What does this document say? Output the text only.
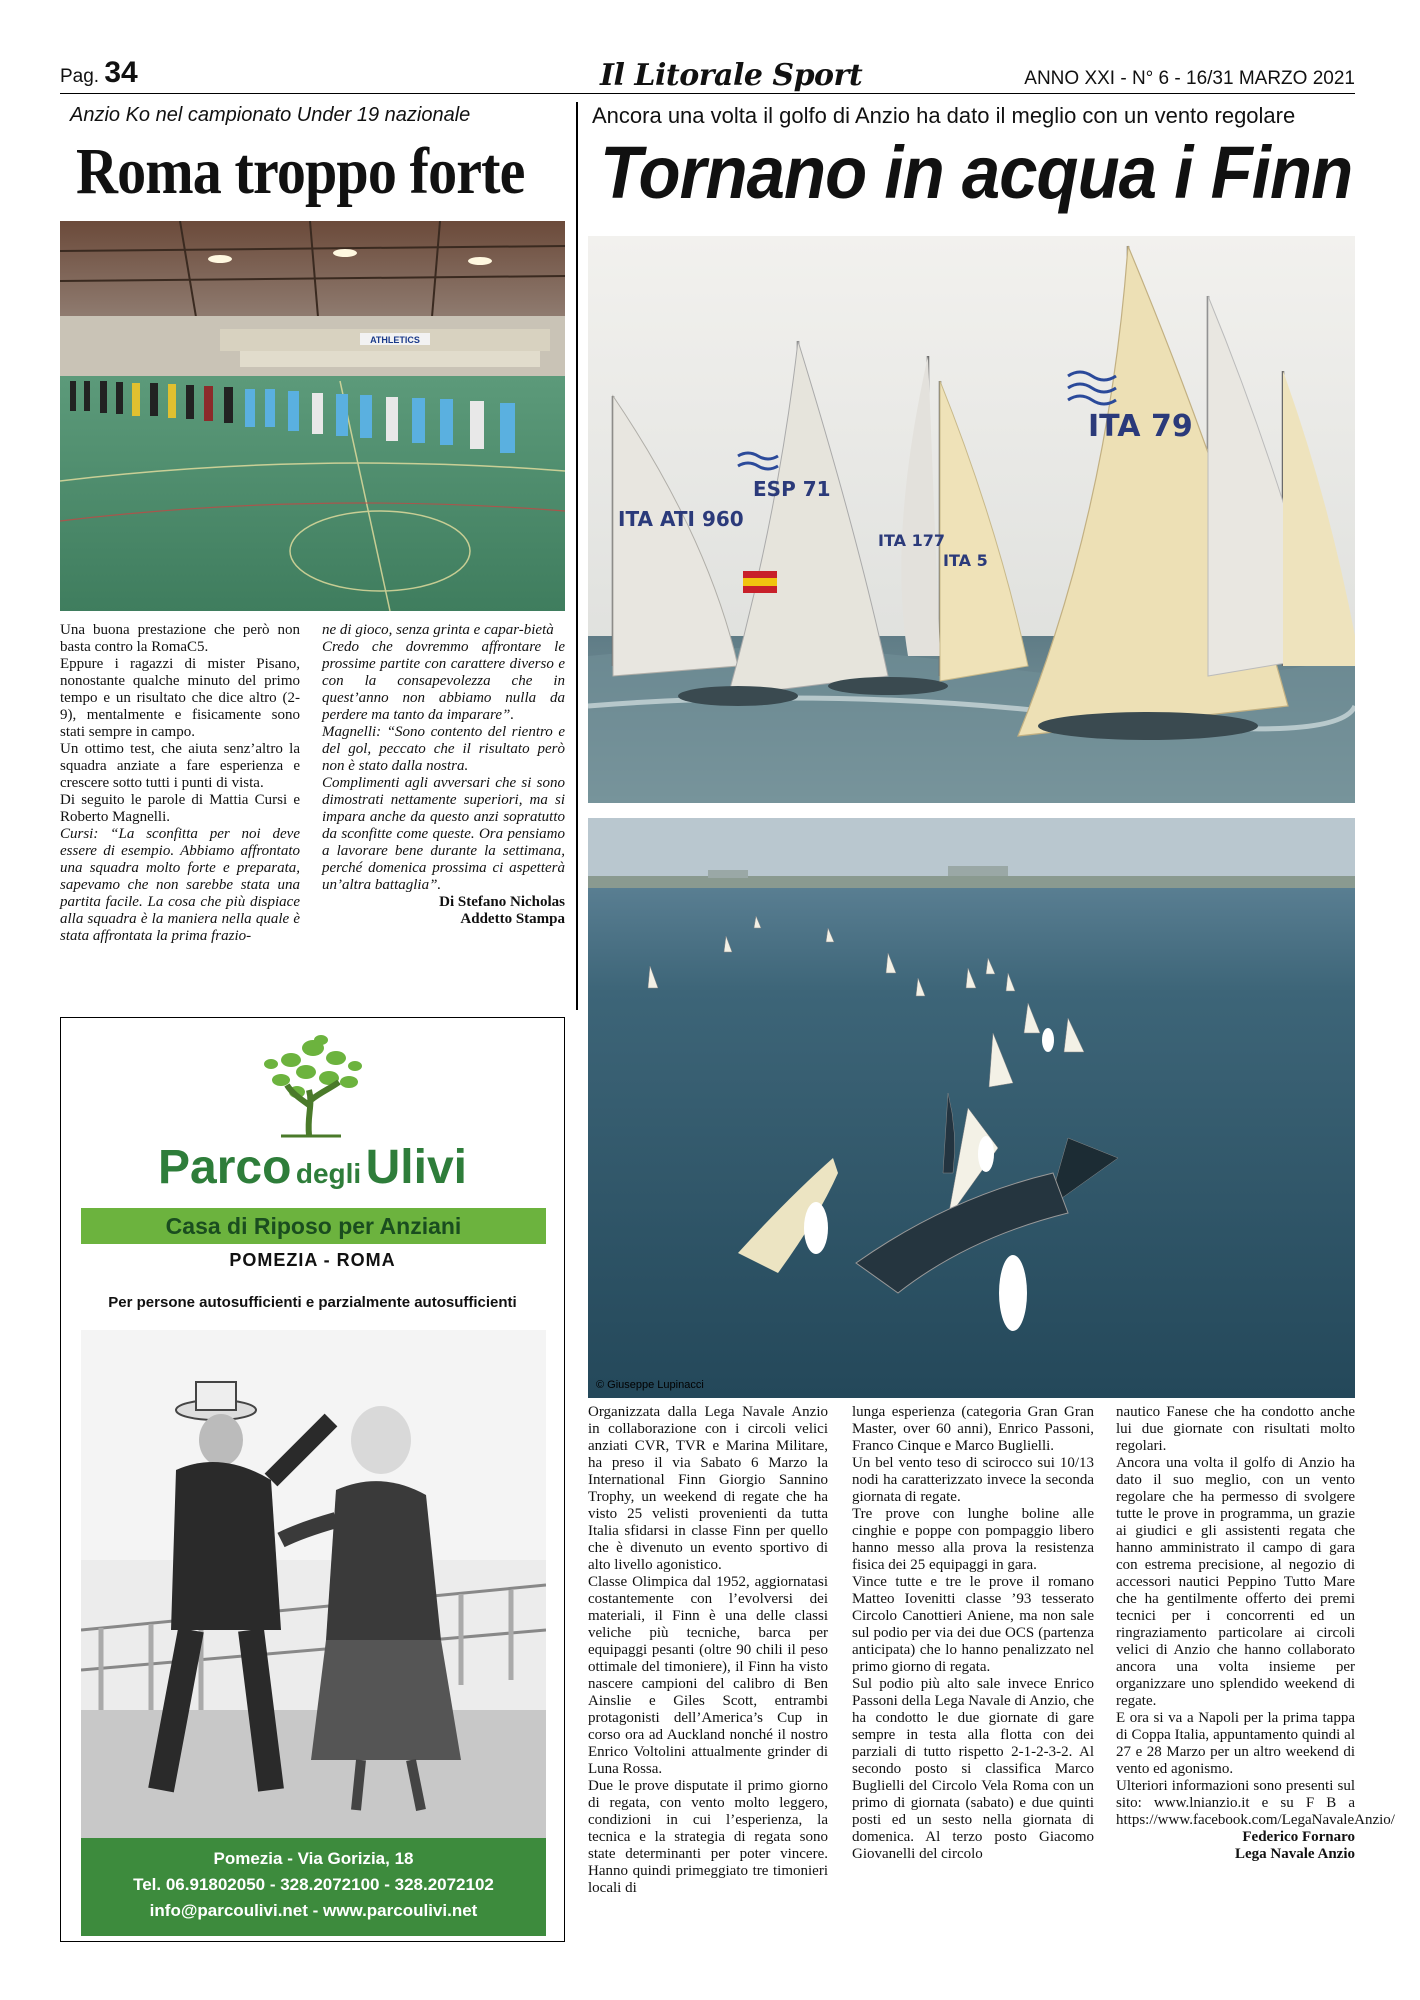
Pag. 34	Il Litorale Sport	ANNO XXI - N° 6 - 16/31 MARZO 2021
Anzio Ko nel campionato Under 19 nazionale
Roma troppo forte
ATHLETICS

Una buona prestazione che però non basta contro la RomaC5.

Eppure i ragazzi di mister Pisano, nonostante qualche minuto del primo tempo e un risultato che dice altro (2-9), mentalmente e fisicamente sono stati sempre in campo.

Un ottimo test, che aiuta senz’altro la squadra anziate a fare esperienza e crescere sotto tutti i punti di vista.

Di seguito le parole di Mattia Cursi e Roberto Magnelli.

Cursi: “La sconfitta per noi deve essere di esempio. Abbiamo affrontato una squadra molto forte e preparata, sapevamo che non sarebbe stata una partita facile. La cosa che più dispiace alla squadra è la maniera nella quale è stata affrontata la prima frazio-

ne di gioco, senza grinta e capar-bietà

Credo che dovremmo affrontare le prossime partite con carattere diverso e con la consapevolezza che in quest’anno non abbiamo nulla da perdere ma tanto da imparare”.

Magnelli: “Sono contento del rientro e del gol, peccato che il risultato però non è stato dalla nostra.

Complimenti agli avversari che si sono dimostrati nettamente superiori, ma si impara anche da questo anzi sopratutto da sconfitte come queste. Ora pensiamo a lavorare bene durante la settimana, perché domenica prossima ci aspetterà un’altra battaglia”.

Di Stefano Nicholas
Addetto Stampa
Parco degli Ulivi
Casa di Riposo per Anziani
POMEZIA - ROMA
Per persone autosufficienti e parzialmente autosufficienti
Pomezia - Via Gorizia, 18
Tel. 06.91802050 - 328.2072100 - 328.2072102
info@parcoulivi.net - www.parcoulivi.net
Ancora una volta il golfo di Anzio ha dato il meglio con un vento regolare
Tornano in acqua i Finn
ITA ATI 960
ESP 71
ITA 177
ITA 5
ITA 79
© Giuseppe Lupinacci

Organizzata dalla Lega Navale Anzio in collaborazione con i circoli velici anziati CVR, TVR e Marina Militare, ha preso il via Sabato 6 Marzo la International Finn Giorgio Sannino Trophy, un weekend di regate che ha visto 25 velisti provenienti da tutta Italia sfidarsi in classe Finn per quello che è divenuto un evento sportivo di alto livello agonistico.

Classe Olimpica dal 1952, aggiornatasi costantemente con l’evolversi dei materiali, il Finn è una delle classi veliche più tecniche, barca per equipaggi pesanti (oltre 90 chili il peso ottimale del timoniere), il Finn ha visto nascere campioni del calibro di Ben Ainslie e Giles Scott, entrambi protagonisti dell’America’s Cup in corso ora ad Auckland nonché il nostro Enrico Voltolini attualmente grinder di Luna Rossa.

Due le prove disputate il primo giorno di regata, con vento molto leggero, condizioni in cui l’esperienza, la tecnica e la strategia di regata sono state determinanti per poter vincere. Hanno quindi primeggiato tre timonieri locali di

lunga esperienza (categoria Gran Gran Master, over 60 anni), Enrico Passoni, Franco Cinque e Marco Buglielli.

Un bel vento teso di scirocco sui 10/13 nodi ha caratterizzato invece la seconda giornata di regate.

Tre prove con lunghe boline alle cinghie e poppe con pompaggio libero hanno messo alla prova la resistenza fisica dei 25 equipaggi in gara.

Vince tutte e tre le prove il romano Matteo Iovenitti classe ’93 tesserato Circolo Canottieri Aniene, ma non sale sul podio per via dei due OCS (partenza anticipata) che lo hanno penalizzato nel primo giorno di regata.

Sul podio più alto sale invece Enrico Passoni della Lega Navale di Anzio, che ha condotto le due giornate di gare sempre in testa alla flotta con dei parziali di tutto rispetto 2-1-2-3-2. Al secondo posto si classifica Marco Buglielli del Circolo Vela Roma con un primo di giornata (sabato) e due quinti posti ed un sesto nella giornata di domenica. Al terzo posto Giacomo Giovanelli del circolo

nautico Fanese che ha condotto anche lui due giornate con risultati molto regolari.

Ancora una volta il golfo di Anzio ha dato il suo meglio, con un vento regolare che ha permesso di svolgere tutte le prove in programma, un grazie ai giudici e gli assistenti regata che hanno amministrato il campo di gara con estrema precisione, al negozio di accessori nautici Peppino Tutto Mare che ha gentilmente offerto dei premi tecnici per i concorrenti ed un ringraziamento particolare ai circoli velici di Anzio che hanno collaborato ancora una volta insieme per organizzare uno splendido weekend di regate.

E ora si va a Napoli per la prima tappa di Coppa Italia, appuntamento quindi al 27 e 28 Marzo per un altro weekend di vento ed agonismo.

Ulteriori informazioni sono presenti sul sito: www.lnianzio.it e su F B a https://www.facebook.com/LegaNavaleAnzio/

Federico Fornaro
Lega Navale Anzio
